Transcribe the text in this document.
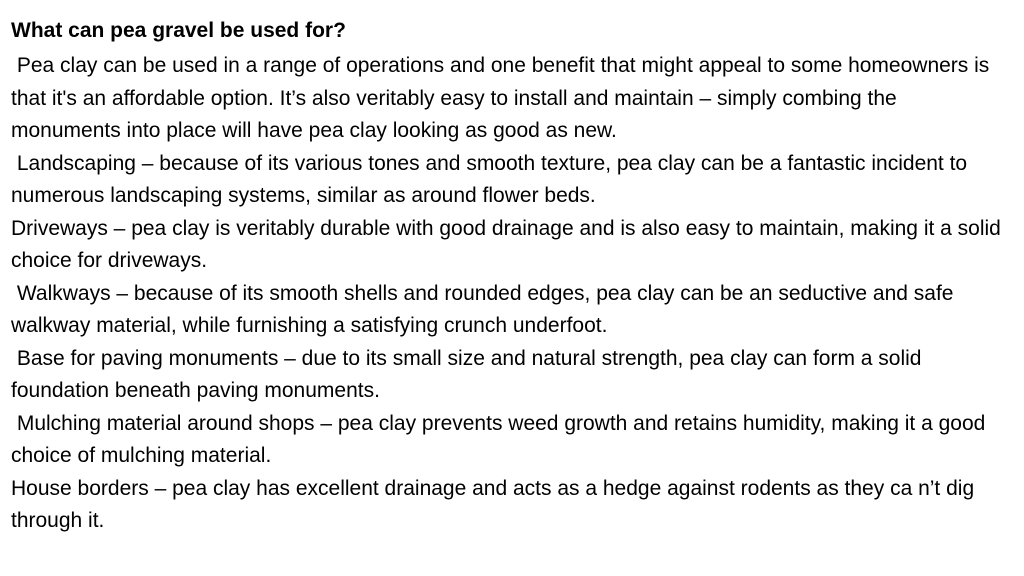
What can pea gravel be used for?

Pea clay can be used in a range of operations and one benefit that might appeal to some homeowners is that it's an affordable option. It’s also veritably easy to install and maintain – simply combing the monuments into place will have pea clay looking as good as new.

Landscaping – because of its various tones and smooth texture, pea clay can be a fantastic incident to numerous landscaping systems, similar as around flower beds.

Driveways – pea clay is veritably durable with good drainage and is also easy to maintain, making it a solid choice for driveways.

Walkways – because of its smooth shells and rounded edges, pea clay can be an seductive and safe walkway material, while furnishing a satisfying crunch underfoot.

Base for paving monuments – due to its small size and natural strength, pea clay can form a solid foundation beneath paving monuments.

Mulching material around shops – pea clay prevents weed growth and retains humidity, making it a good choice of mulching material.

House borders – pea clay has excellent drainage and acts as a hedge against rodents as they ca n’t dig through it.
